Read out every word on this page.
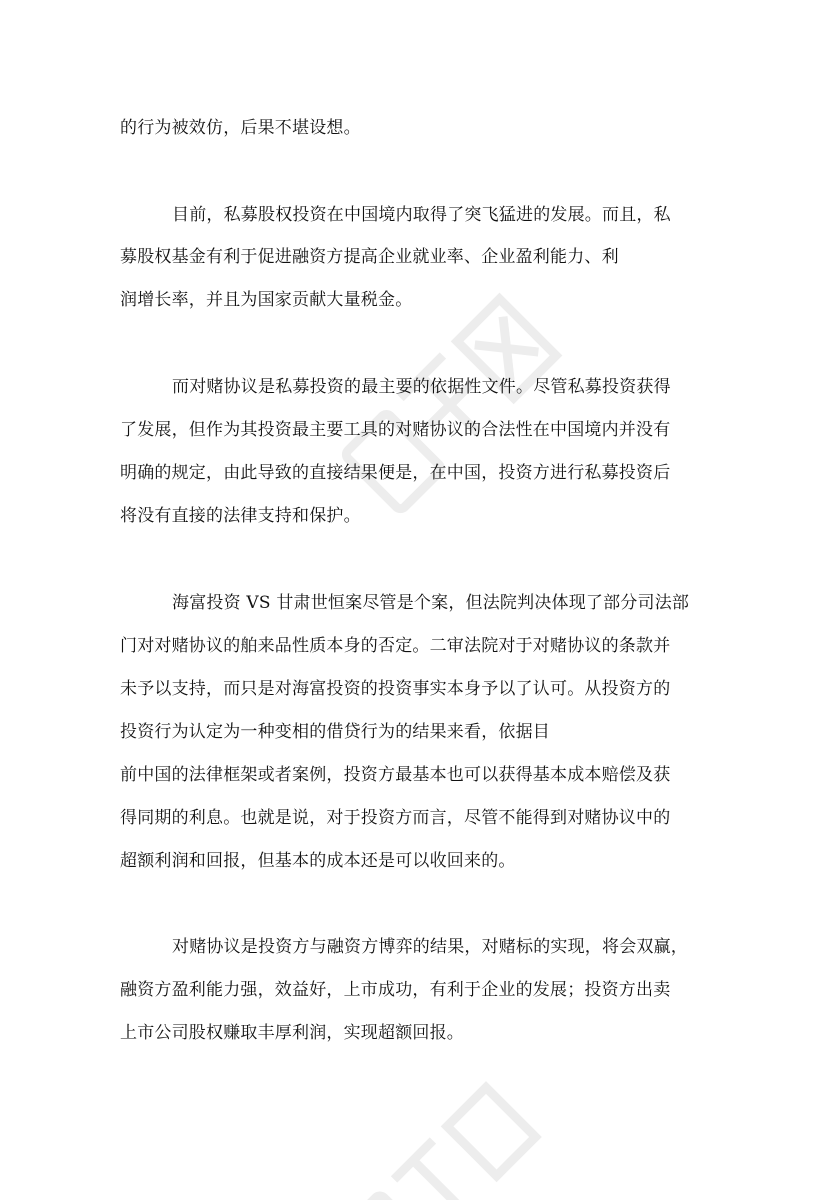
的行为被效仿，后果不堪设想。
目前，私募股权投资在中国境内取得了突飞猛进的发展。而且，私
募股权基金有利于促进融资方提高企业就业率、企业盈利能力、利
润增长率，并且为国家贡献大量税金。
而对赌协议是私募投资的最主要的依据性文件。尽管私募投资获得
了发展，但作为其投资最主要工具的对赌协议的合法性在中国境内并没有
明确的规定，由此导致的直接结果便是，在中国，投资方进行私募投资后
将没有直接的法律支持和保护。
海富投资 VS 甘肃世恒案尽管是个案，但法院判决体现了部分司法部
门对对赌协议的舶来品性质本身的否定。二审法院对于对赌协议的条款并
未予以支持，而只是对海富投资的投资事实本身予以了认可。从投资方的
投资行为认定为一种变相的借贷行为的结果来看，依据目
前中国的法律框架或者案例，投资方最基本也可以获得基本成本赔偿及获
得同期的利息。也就是说，对于投资方而言，尽管不能得到对赌协议中的
超额利润和回报，但基本的成本还是可以收回来的。
对赌协议是投资方与融资方博弈的结果，对赌标的实现，将会双赢，
融资方盈利能力强，效益好，上市成功，有利于企业的发展；投资方出卖
上市公司股权赚取丰厚利润，实现超额回报。
